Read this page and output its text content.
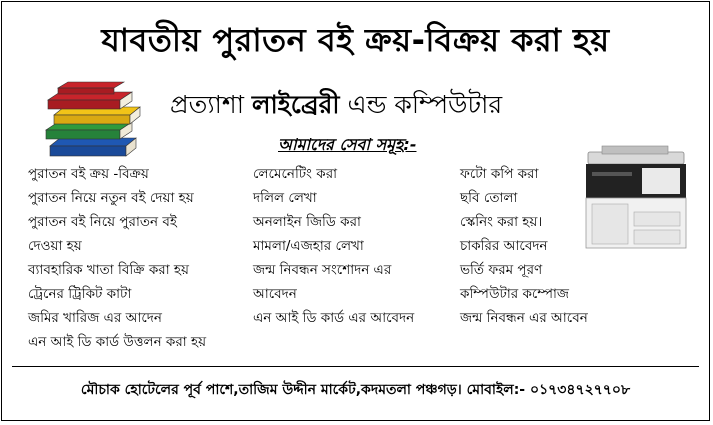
যাবতীয় পুরাতন বই ক্রয়-বিক্রয় করা হয়
প্রত্যাশা লাইব্রেরী এন্ড কম্পিউটার
আমাদের সেবা সমূহ:-
পুরাতন বই ক্রয় -বিক্রয়
পুরাতন নিয়ে নতুন বই দেয়া হয়
পুরাতন বই নিয়ে পুরাতন বই
দেওয়া হয়
ব্যাবহারিক খাতা বিক্রি করা হয়
ট্রেনের ট্রিকিট কাটা
জমির খারিজ এর আদেন
এন আই ডি কার্ড উত্তলন করা হয়
লেমেনেটিং করা
দলিল লেখা
অনলাইন জিডি করা
মামলা/এজহার লেখা
জন্ম নিবন্ধন সংশোদন এর
আবেদন
এন আই ডি কার্ড এর আবেদন
ফটো কপি করা
ছবি তোলা
স্কেনিং করা হয়।
চাকরির আবেদন
ভর্তি ফরম পূরণ
কম্পিউটার কম্পোজ
জন্ম নিবন্ধন এর আবেন
মৌচাক হোটেলের পূর্ব পাশে,তাজিম উদ্দীন মার্কেট,কদমতলা পঞ্চগড়। মোবাইল:- ০১৭৩৪৭২৭৭০৮
